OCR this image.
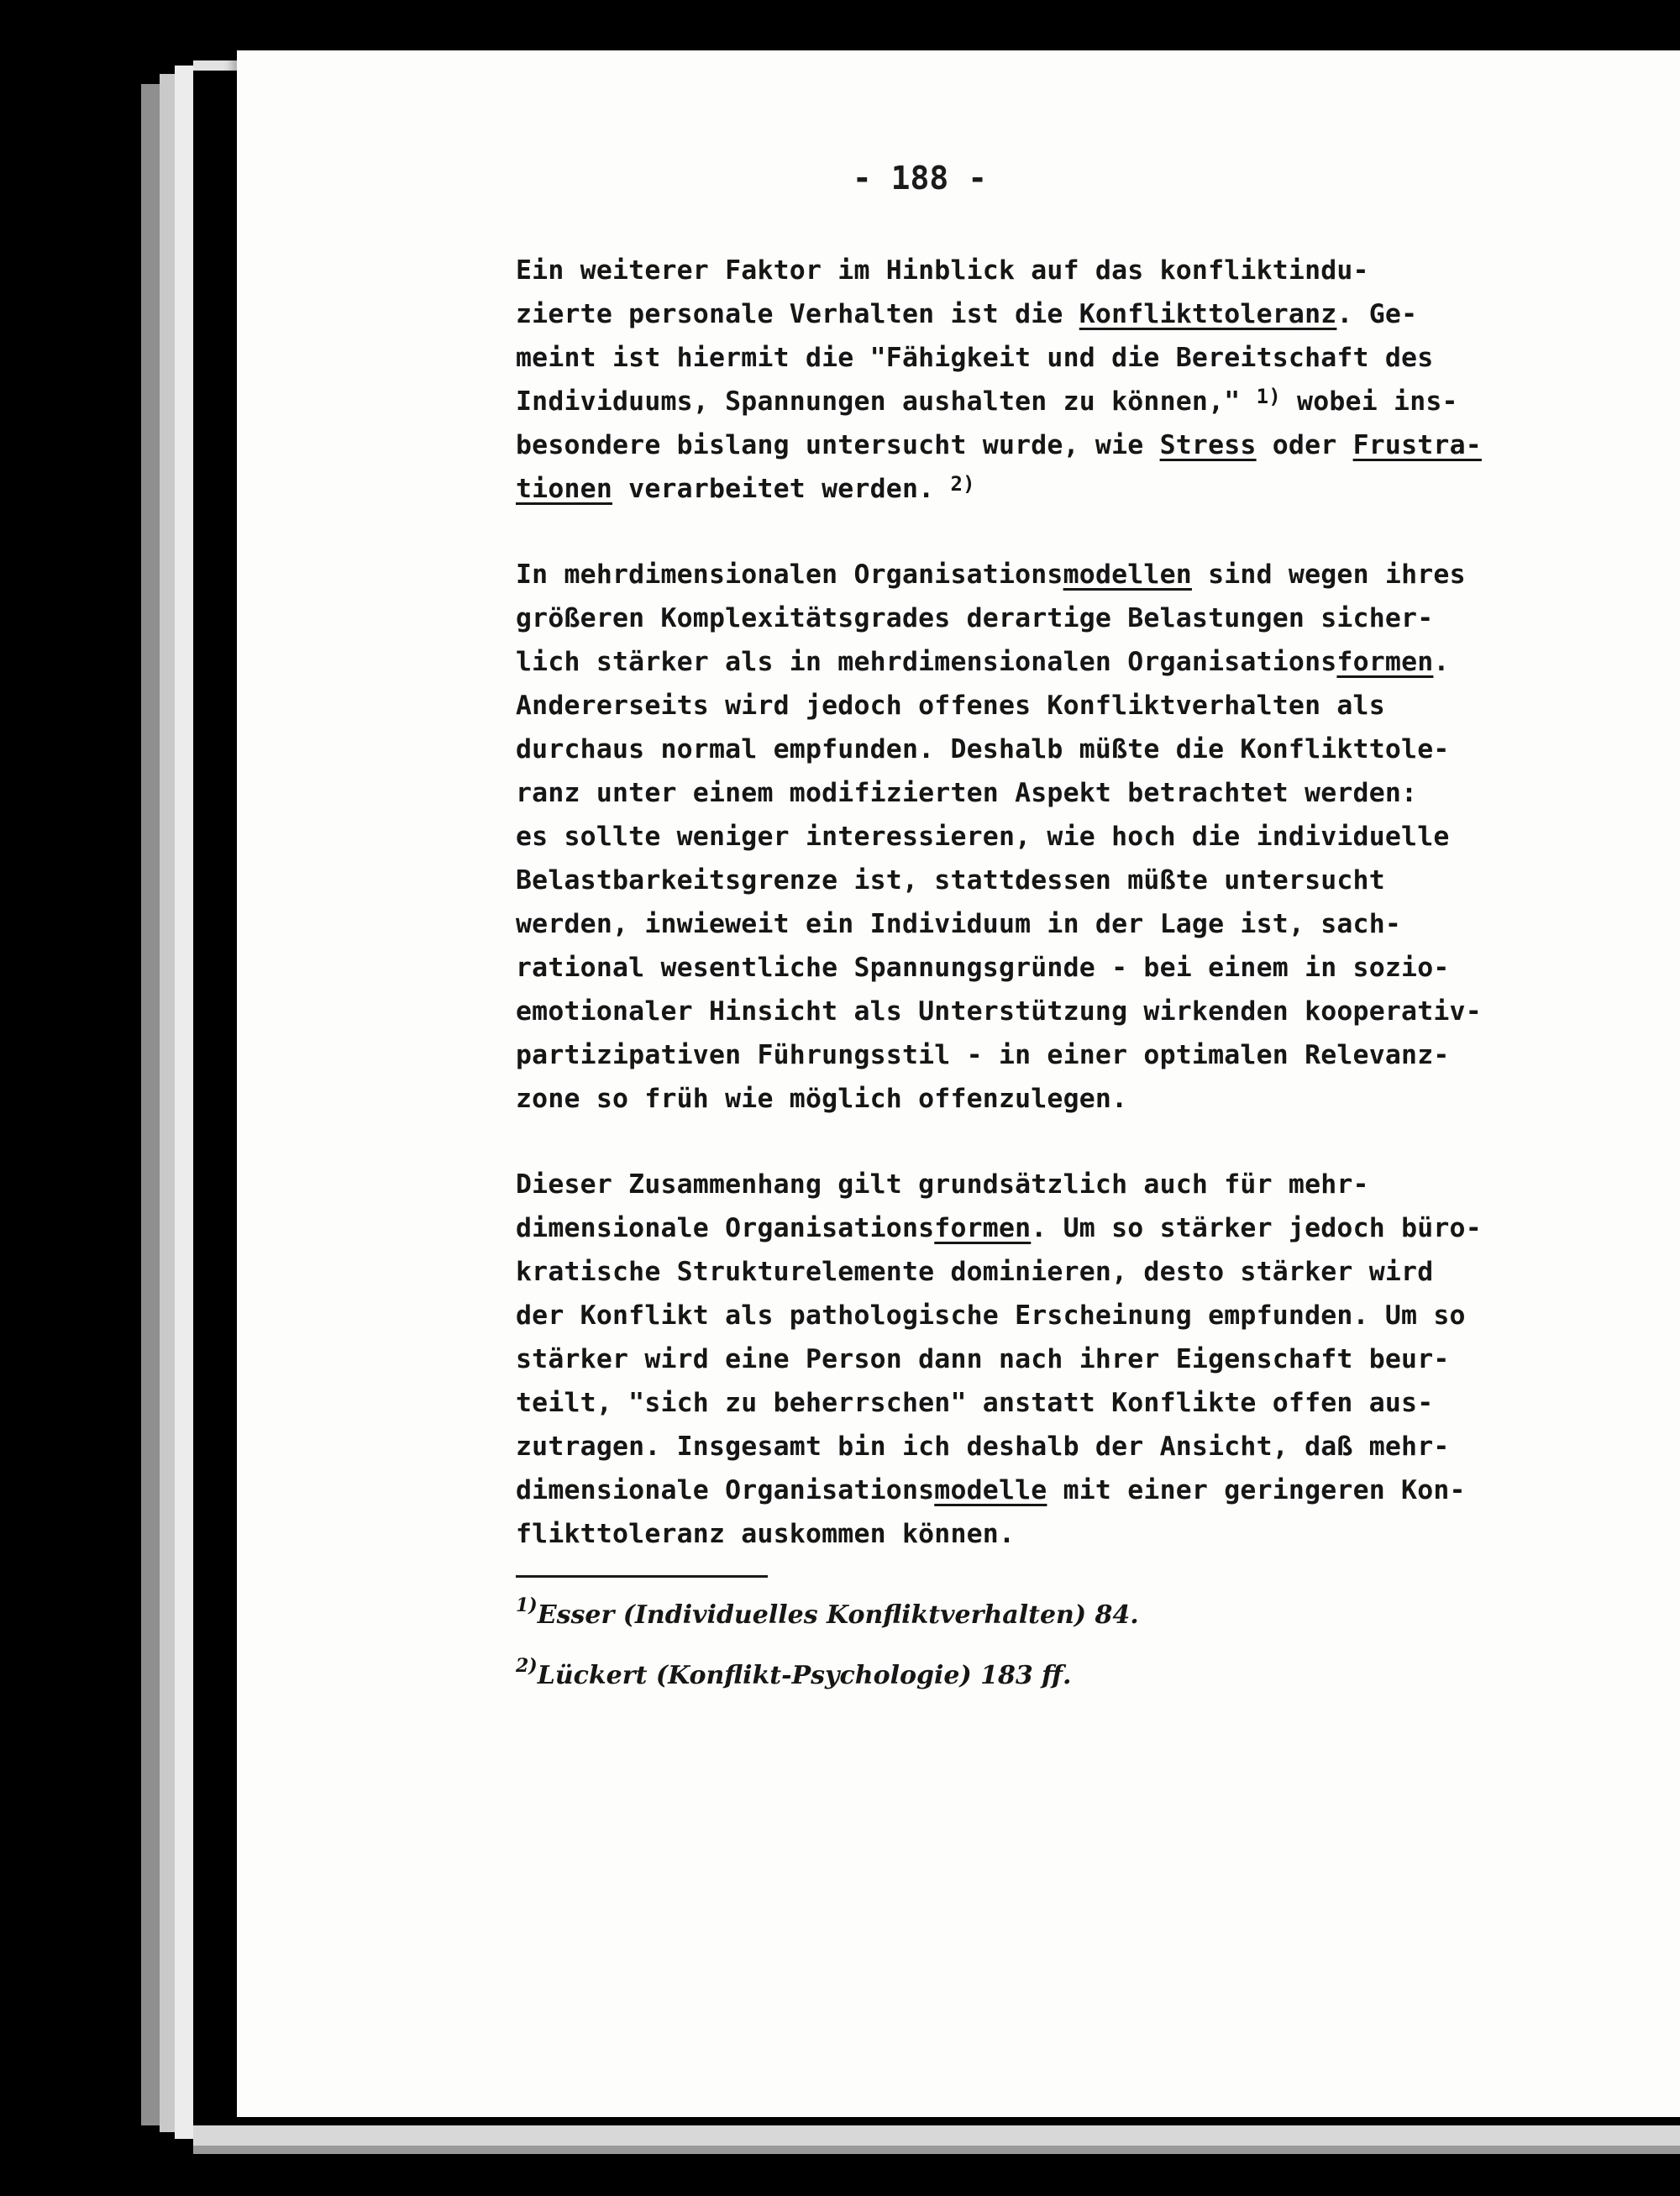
- 188 -
Ein weiterer Faktor im Hinblick auf das konfliktindu-
zierte personale Verhalten ist die Konflikttoleranz. Ge-
meint ist hiermit die "Fähigkeit und die Bereitschaft des
Individuums, Spannungen aushalten zu können," $^{1)}$ wobei ins-
besondere bislang untersucht wurde, wie Stress oder Frustra-
tionen verarbeitet werden. $^{2)}$
In mehrdimensionalen Organisationsmodellen sind wegen ihres
größeren Komplexitätsgrades derartige Belastungen sicher-
lich stärker als in mehrdimensionalen Organisationsformen.
Andererseits wird jedoch offenes Konfliktverhalten als
durchaus normal empfunden. Deshalb müßte die Konflikttole-
ranz unter einem modifizierten Aspekt betrachtet werden:
es sollte weniger interessieren, wie hoch die individuelle
Belastbarkeitsgrenze ist, stattdessen müßte untersucht
werden, inwieweit ein Individuum in der Lage ist, sach-
rational wesentliche Spannungsgründe - bei einem in sozio-
emotionaler Hinsicht als Unterstützung wirkenden kooperativ-
partizipativen Führungsstil - in einer optimalen Relevanz-
zone so früh wie möglich offenzulegen.
Dieser Zusammenhang gilt grundsätzlich auch für mehr-
dimensionale Organisationsformen. Um so stärker jedoch büro-
kratische Strukturelemente dominieren, desto stärker wird
der Konflikt als pathologische Erscheinung empfunden. Um so
stärker wird eine Person dann nach ihrer Eigenschaft beur-
teilt, "sich zu beherrschen" anstatt Konflikte offen aus-
zutragen. Insgesamt bin ich deshalb der Ansicht, daß mehr-
dimensionale Organisationsmodelle mit einer geringeren Kon-
flikttoleranz auskommen können.
$^{1)}$Esser (Individuelles Konfliktverhalten) 84.
$^{2)}$Lückert (Konflikt-Psychologie) 183 ff.
